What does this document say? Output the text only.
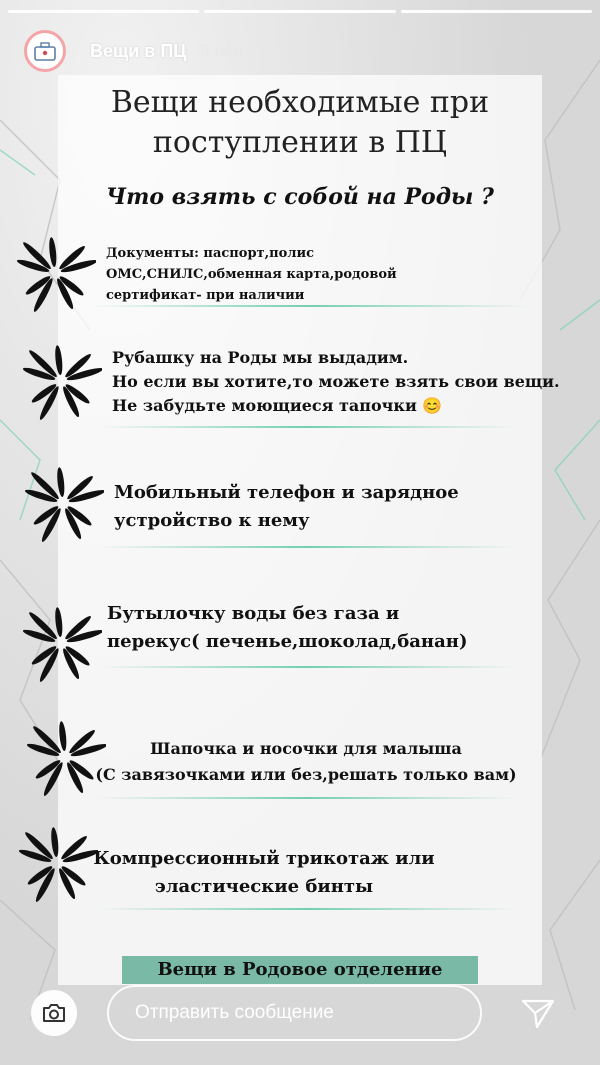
Вещи в ПЦ 8 нед.
Вещи необходимые при
поступлении в ПЦ
Что взять с собой на Роды ?
Документы: паспорт,полис
ОМС,СНИЛС,обменная карта,родовой
сертификат- при наличии
Рубашку на Роды мы выдадим.
Но если вы хотите,то можете взять свои вещи.
Не забудьте моющиеся тапочки 😊
Мобильный телефон и зарядное
устройство к нему
Бутылочку воды без газа и
перекус( печенье,шоколад,банан)
Шапочка и носочки для малыша
(С завязочками или без,решать только вам)
Компрессионный трикотаж или
эластические бинты
Вещи в Родовое отделение
Отправить сообщение
